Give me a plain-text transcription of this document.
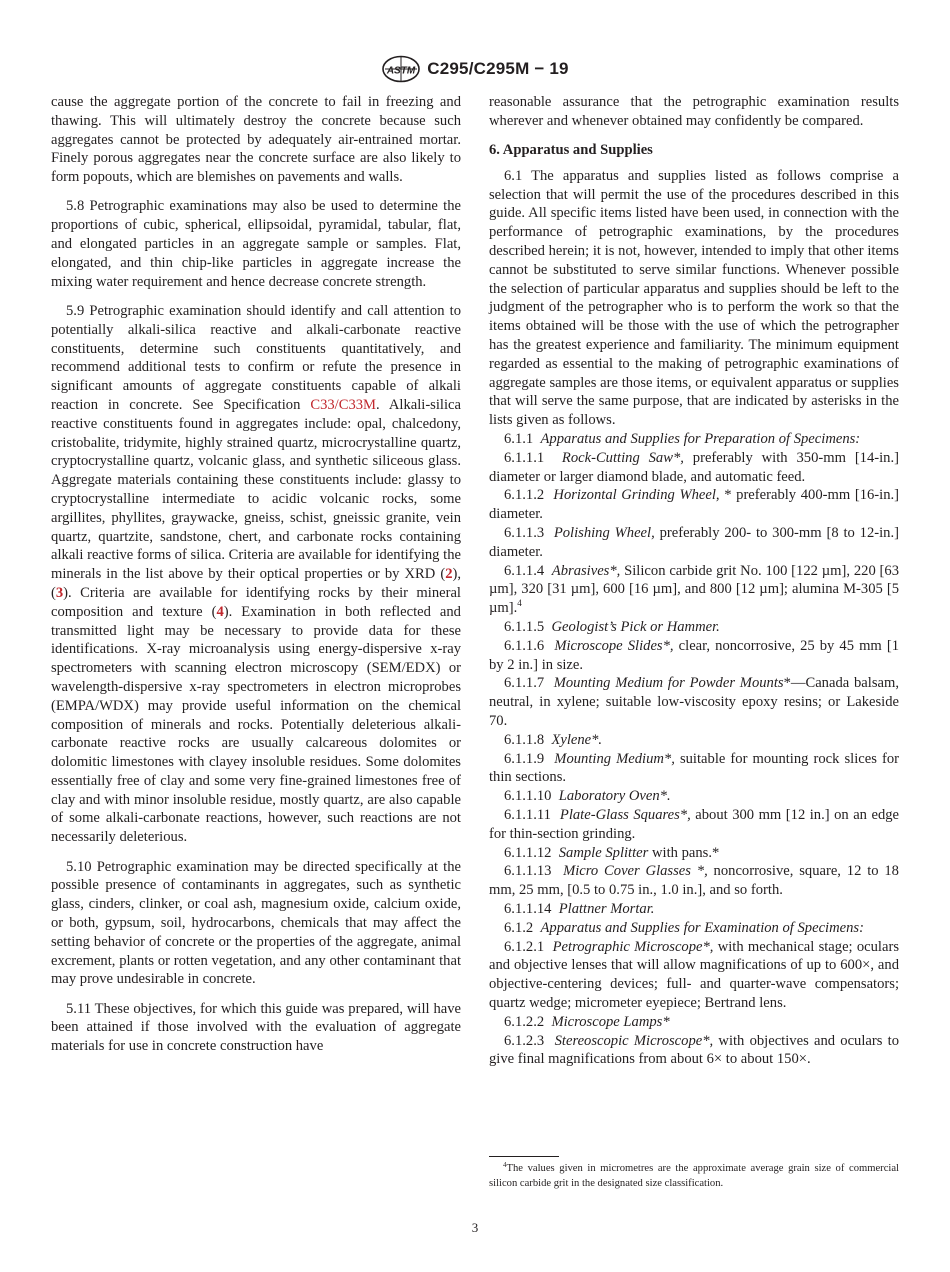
ASTM C295/C295M − 19

cause the aggregate portion of the concrete to fail in freezing and thawing. This will ultimately destroy the concrete because such aggregates cannot be protected by adequately air-entrained mortar. Finely porous aggregates near the concrete surface are also likely to form popouts, which are blemishes on pavements and walls.

5.8 Petrographic examinations may also be used to determine the proportions of cubic, spherical, ellipsoidal, pyramidal, tabular, flat, and elongated particles in an aggregate sample or samples. Flat, elongated, and thin chip-like particles in aggregate increase the mixing water requirement and hence decrease concrete strength.

5.9 Petrographic examination should identify and call attention to potentially alkali-silica reactive and alkali-carbonate reactive constituents, determine such constituents quantitatively, and recommend additional tests to confirm or refute the presence in significant amounts of aggregate constituents capable of alkali reaction in concrete. See Specification C33/C33M. Alkali-silica reactive constituents found in aggregates include: opal, chalcedony, cristobalite, tridymite, highly strained quartz, microcrystalline quartz, cryptocrystalline quartz, volcanic glass, and synthetic siliceous glass. Aggregate materials containing these constituents include: glassy to cryptocrystalline intermediate to acidic volcanic rocks, some argillites, phyllites, graywacke, gneiss, schist, gneissic granite, vein quartz, quartzite, sandstone, chert, and carbonate rocks containing alkali reactive forms of silica. Criteria are available for identifying the minerals in the list above by their optical properties or by XRD (2),(3). Criteria are available for identifying rocks by their mineral composition and texture (4). Examination in both reflected and transmitted light may be necessary to provide data for these identifications. X-ray microanalysis using energy-dispersive x-ray spectrometers with scanning electron microscopy (SEM/EDX) or wavelength-dispersive x-ray spectrometers in electron microprobes (EMPA/WDX) may provide useful information on the chemical composition of minerals and rocks. Potentially deleterious alkali-carbonate reactive rocks are usually calcareous dolomites or dolomitic limestones with clayey insoluble residues. Some dolomites essentially free of clay and some very fine-grained limestones free of clay and with minor insoluble residue, mostly quartz, are also capable of some alkali-carbonate reactions, however, such reactions are not necessarily deleterious.

5.10 Petrographic examination may be directed specifically at the possible presence of contaminants in aggregates, such as synthetic glass, cinders, clinker, or coal ash, magnesium oxide, calcium oxide, or both, gypsum, soil, hydrocarbons, chemicals that may affect the setting behavior of concrete or the properties of the aggregate, animal excrement, plants or rotten vegetation, and any other contaminant that may prove undesirable in concrete.

5.11 These objectives, for which this guide was prepared, will have been attained if those involved with the evaluation of aggregate materials for use in concrete construction have

reasonable assurance that the petrographic examination results wherever and whenever obtained may confidently be compared.

6. Apparatus and Supplies

6.1 The apparatus and supplies listed as follows comprise a selection that will permit the use of the procedures described in this guide. All specific items listed have been used, in connection with the performance of petrographic examinations, by the procedures described herein; it is not, however, intended to imply that other items cannot be substituted to serve similar functions. Whenever possible the selection of particular apparatus and supplies should be left to the judgment of the petrographer who is to perform the work so that the items obtained will be those with the use of which the petrographer has the greatest experience and familiarity. The minimum equipment regarded as essential to the making of petrographic examinations of aggregate samples are those items, or equivalent apparatus or supplies that will serve the same purpose, that are indicated by asterisks in the lists given as follows.

6.1.1 Apparatus and Supplies for Preparation of Specimens:

6.1.1.1 Rock-Cutting Saw*, preferably with 350-mm [14-in.] diameter or larger diamond blade, and automatic feed.

6.1.1.2 Horizontal Grinding Wheel, * preferably 400-mm [16-in.] diameter.

6.1.1.3 Polishing Wheel, preferably 200- to 300-mm [8 to 12-in.] diameter.

6.1.1.4 Abrasives*, Silicon carbide grit No. 100 [122 µm], 220 [63 µm], 320 [31 µm], 600 [16 µm], and 800 [12 µm]; alumina M-305 [5 µm].$^4$

6.1.1.5 Geologist’s Pick or Hammer.

6.1.1.6 Microscope Slides*, clear, noncorrosive, 25 by 45 mm [1 by 2 in.] in size.

6.1.1.7 Mounting Medium for Powder Mounts*—Canada balsam, neutral, in xylene; suitable low-viscosity epoxy resins; or Lakeside 70.

6.1.1.8 Xylene*.

6.1.1.9 Mounting Medium*, suitable for mounting rock slices for thin sections.

6.1.1.10 Laboratory Oven*.

6.1.1.11 Plate-Glass Squares*, about 300 mm [12 in.] on an edge for thin-section grinding.

6.1.1.12 Sample Splitter with pans.*

6.1.1.13 Micro Cover Glasses *, noncorrosive, square, 12 to 18 mm, 25 mm, [0.5 to 0.75 in., 1.0 in.], and so forth.

6.1.1.14 Plattner Mortar.

6.1.2 Apparatus and Supplies for Examination of Specimens:

6.1.2.1 Petrographic Microscope*, with mechanical stage; oculars and objective lenses that will allow magnifications of up to 600×, and objective-centering devices; full- and quarter-wave compensators; quartz wedge; micrometer eyepiece; Bertrand lens.

6.1.2.2 Microscope Lamps*

6.1.2.3 Stereoscopic Microscope*, with objectives and oculars to give final magnifications from about 6× to about 150×.

$^4$The values given in micrometres are the approximate average grain size of commercial silicon carbide grit in the designated size classification.

3
